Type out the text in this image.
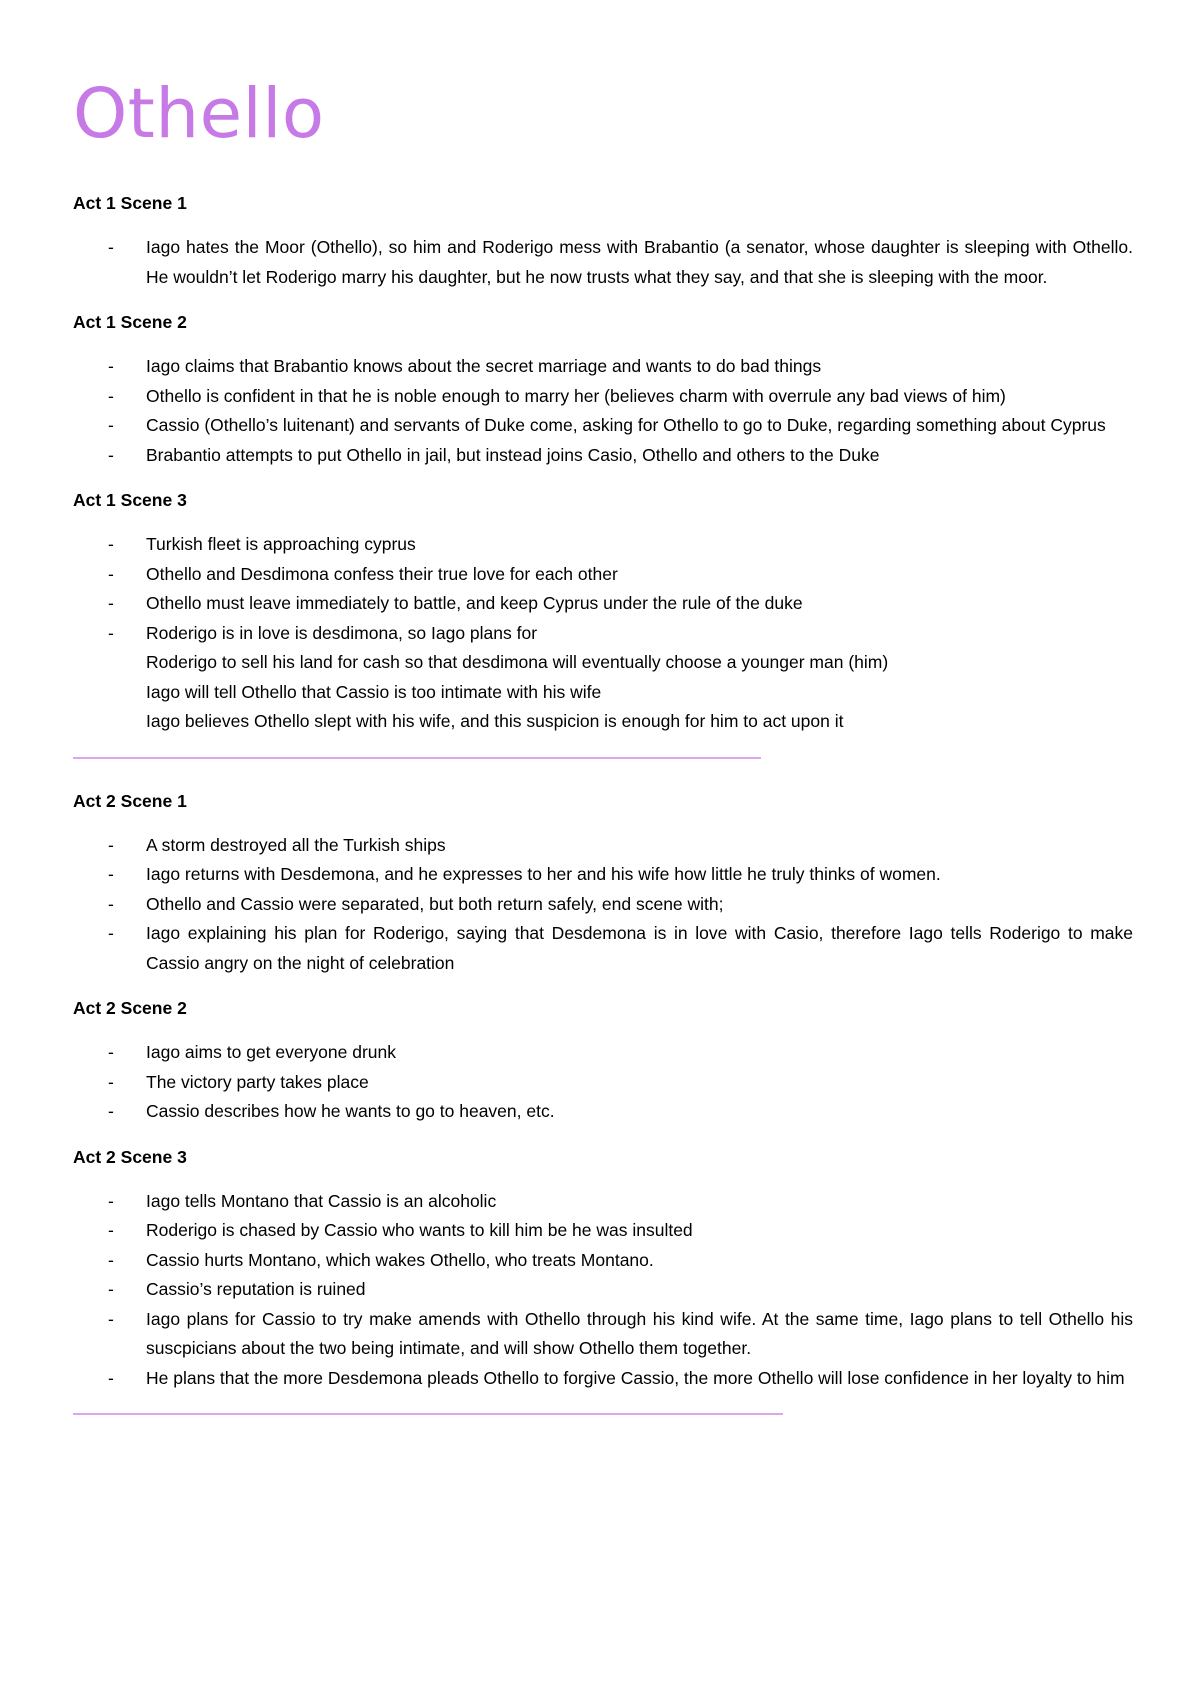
Othello
Act 1 Scene 1
- Iago hates the Moor (Othello), so him and Roderigo mess with Brabantio (a senator, whose daughter is sleeping with Othello. He wouldn’t let Roderigo marry his daughter, but he now trusts what they say, and that she is sleeping with the moor.
Act 1 Scene 2
- Iago claims that Brabantio knows about the secret marriage and wants to do bad things
- Othello is confident in that he is noble enough to marry her (believes charm with overrule any bad views of him)
- Cassio (Othello’s luitenant) and servants of Duke come, asking for Othello to go to Duke, regarding something about Cyprus
- Brabantio attempts to put Othello in jail, but instead joins Casio, Othello and others to the Duke
Act 1 Scene 3
- Turkish fleet is approaching cyprus
- Othello and Desdimona confess their true love for each other
- Othello must leave immediately to battle, and keep Cyprus under the rule of the duke
- Roderigo is in love is desdimona, so Iago plans for
Roderigo to sell his land for cash so that desdimona will eventually choose a younger man (him)
Iago will tell Othello that Cassio is too intimate with his wife
Iago believes Othello slept with his wife, and this suspicion is enough for him to act upon it
Act 2 Scene 1
- A storm destroyed all the Turkish ships
- Iago returns with Desdemona, and he expresses to her and his wife how little he truly thinks of women.
- Othello and Cassio were separated, but both return safely, end scene with;
- Iago explaining his plan for Roderigo, saying that Desdemona is in love with Casio, therefore Iago tells Roderigo to make Cassio angry on the night of celebration
Act 2 Scene 2
- Iago aims to get everyone drunk
- The victory party takes place
- Cassio describes how he wants to go to heaven, etc.
Act 2 Scene 3
- Iago tells Montano that Cassio is an alcoholic
- Roderigo is chased by Cassio who wants to kill him be he was insulted
- Cassio hurts Montano, which wakes Othello, who treats Montano.
- Cassio’s reputation is ruined
- Iago plans for Cassio to try make amends with Othello through his kind wife. At the same time, Iago plans to tell Othello his suscpicians about the two being intimate, and will show Othello them together.
- He plans that the more Desdemona pleads Othello to forgive Cassio, the more Othello will lose confidence in her loyalty to him
